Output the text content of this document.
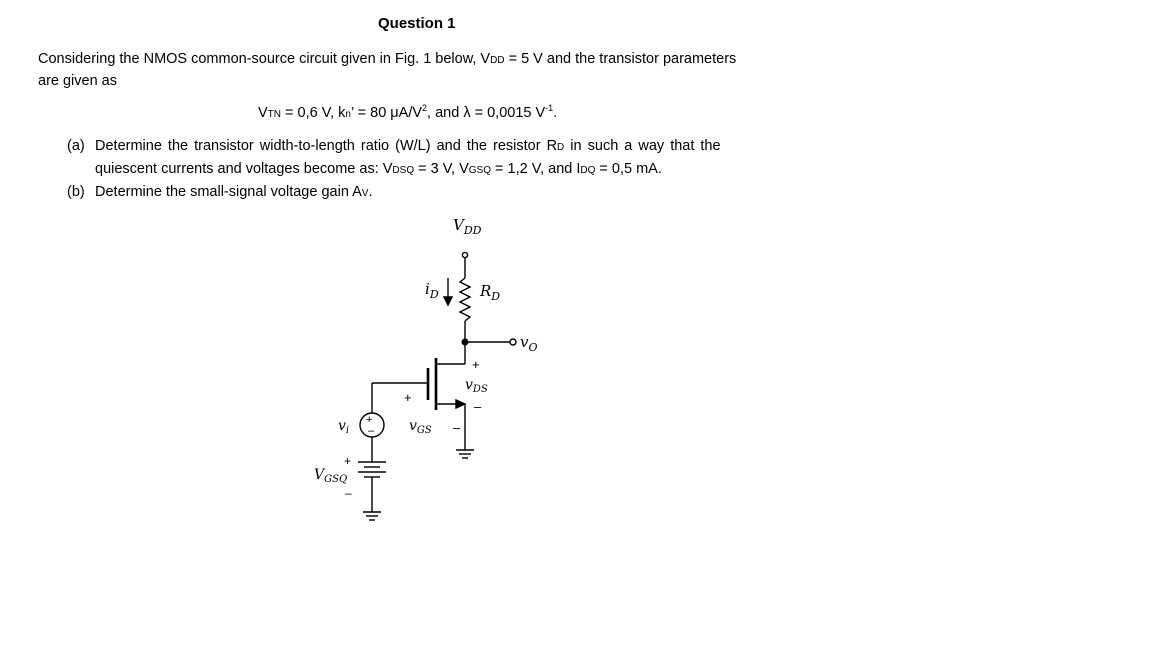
Question 1
Considering the NMOS common-source circuit given in Fig. 1 below, VDD = 5 V and the transistor parameters
are given as
VTN = 0,6 V, kn’ = 80 $\mu A/V^2$, and λ = 0,0015 $V^{-1}$.
(a) Determine the transistor width-to-length ratio (W/L) and the resistor RD in such a way that the
quiescent currents and voltages become as: VDSQ = 3 V, VGSQ = 1,2 V, and IDQ = 0,5 mA.
(b) Determine the small-signal voltage gain AV.
$V_{DD}$
$i_D$	$R_D$
$v_O$
+
$v_{DS}$
–
+
$v_{GS}$ –
+
–
$v_i$
+
$V_{GSQ}$
–
